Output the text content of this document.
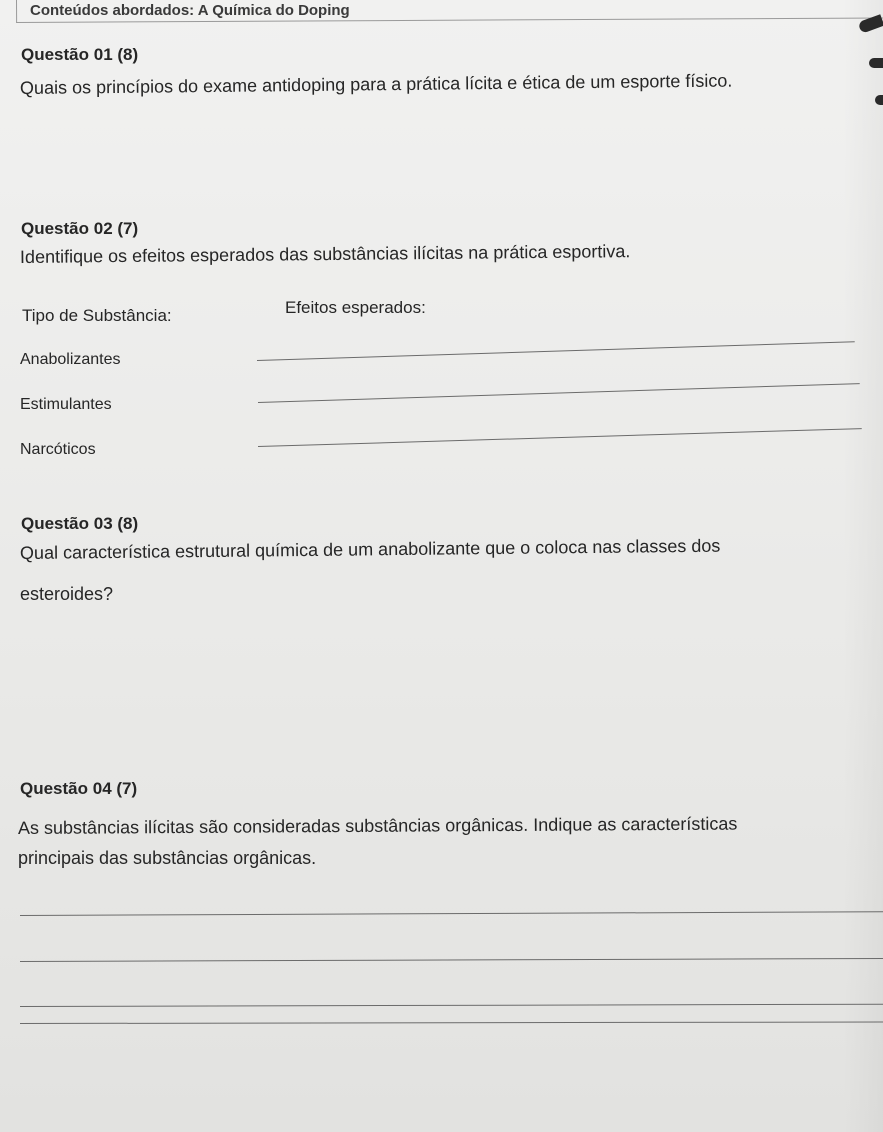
Conteúdos abordados: A Química do Doping
Questão 01 (8)
Quais os princípios do exame antidoping para a prática lícita e ética de um esporte físico.
Questão 02 (7)
Identifique os efeitos esperados das substâncias ilícitas na prática esportiva.
Tipo de Substância:	Efeitos esperados:
Anabolizantes
Estimulantes
Narcóticos
Questão 03 (8)
Qual característica estrutural química de um anabolizante que o coloca nas classes dos
esteroides?
Questão 04 (7)
As substâncias ilícitas são consideradas substâncias orgânicas. Indique as características
principais das substâncias orgânicas.
